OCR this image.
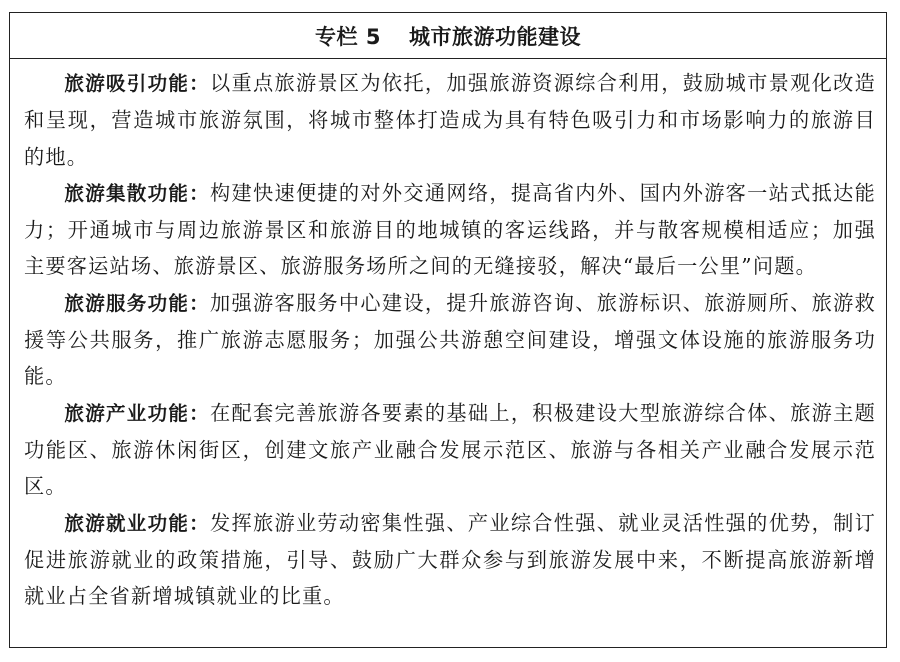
专栏 5 城市旅游功能建设

旅游吸引功能：以重点旅游景区为依托，加强旅游资源综合利用，鼓励城市景观化改造和呈现，营造城市旅游氛围，将城市整体打造成为具有特色吸引力和市场影响力的旅游目的地。

旅游集散功能：构建快速便捷的对外交通网络，提高省内外、国内外游客一站式抵达能力；开通城市与周边旅游景区和旅游目的地城镇的客运线路，并与散客规模相适应；加强主要客运站场、旅游景区、旅游服务场所之间的无缝接驳，解决“最后一公里”问题。

旅游服务功能：加强游客服务中心建设，提升旅游咨询、旅游标识、旅游厕所、旅游救援等公共服务，推广旅游志愿服务；加强公共游憩空间建设，增强文体设施的旅游服务功能。

旅游产业功能：在配套完善旅游各要素的基础上，积极建设大型旅游综合体、旅游主题功能区、旅游休闲街区，创建文旅产业融合发展示范区、旅游与各相关产业融合发展示范区。

旅游就业功能：发挥旅游业劳动密集性强、产业综合性强、就业灵活性强的优势，制订促进旅游就业的政策措施，引导、鼓励广大群众参与到旅游发展中来，不断提高旅游新增就业占全省新增城镇就业的比重。
